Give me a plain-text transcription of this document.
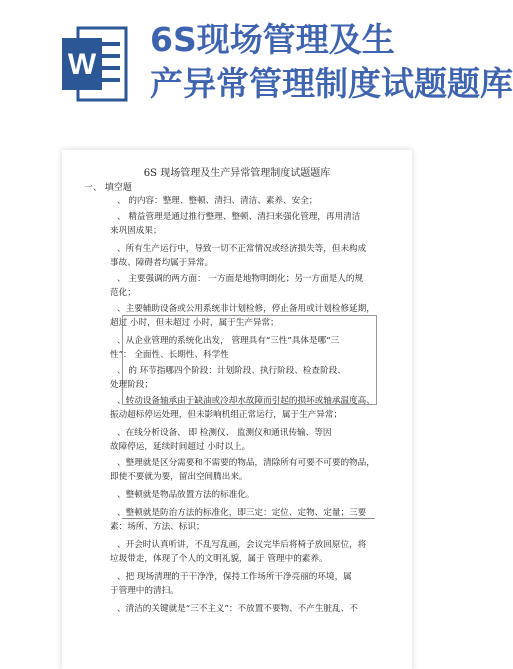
W
6S现场管理及生
产异常管理制度试题题库
6S 现场管理及生产异常管理制度试题题库
一、 填空题
、 的内容：整理、整顿、清扫、清洁、素养、安全；
、 精益管理是通过推行整理、整顿、清扫来强化管理，再用清洁
来巩固成果；
、所有生产运行中，导致一切不正常情况或经济损失等，但未构成
事故、障碍者均属于异常。
、 主要强调的两方面： 一方面是地物明朗化；另一方面是人的规
范化；
、主要辅助设备或公用系统非计划检修，停止备用或计划检修延期，
超过 小时，但未超过 小时，属于生产异常；
、从企业管理的系统化出发， 管理具有“三性”具体是哪“三
性”： 全面性、长期性、科学性
、 的 环节指哪四个阶段：计划阶段、执行阶段、检查阶段、
处理阶段；
、转动设备轴承由于缺油或冷却水故障而引起的损坏或轴承温度高、
振动超标停运处理，但未影响机组正常运行，属于生产异常；
、在线分析设备、 即 检测仪、 监测仪和通讯传输、等因
故障停运，延续时间超过 小时以上。
、整理就是区分需要和不需要的物品，清除所有可要不可要的物品，
即使不要就为要，留出空间腾出来。
、整顿就是物品放置方法的标准化。
、整顿就是防治方法的标准化，即三定：定位、定物、定量；三要
素：场所、方法、标识；
、开会时认真听讲，不乱写乱画，会议完毕后将椅子放回原位，将
垃圾带走，体现了个人的文明礼貌，属于 管理中的素养。
、把 现场清理的干干净净，保持工作场所干净亮丽的环境，属
于管理中的清扫。
、清洁的关键就是“三不主义”：不放置不要物、不产生脏乱、不
